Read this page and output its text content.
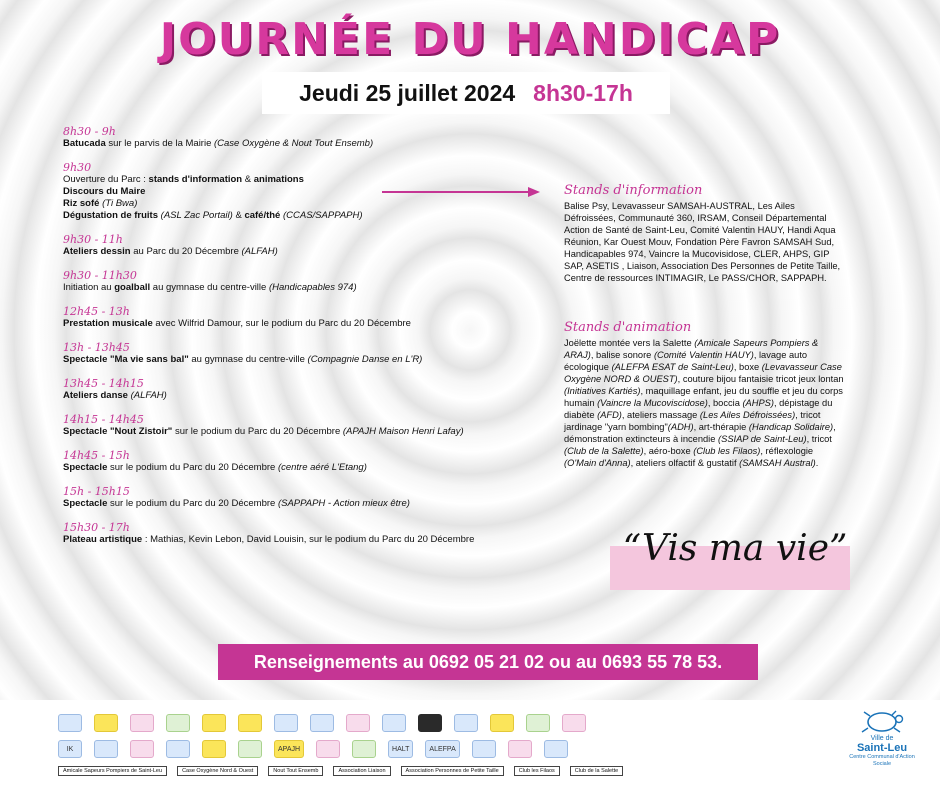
JOURNÉE DU HANDICAP
Jeudi 25 juillet 2024 8h30-17h
8h30 - 9h
Batucada sur le parvis de la Mairie (Case Oxygène & Nout Tout Ensemb)
9h30
Ouverture du Parc : stands d'information & animations
Discours du Maire
Riz sofé (Ti Bwa)
Dégustation de fruits (ASL Zac Portail) & café/thé (CCAS/SAPPAPH)
9h30 - 11h
Ateliers dessin au Parc du 20 Décembre (ALFAH)
9h30 - 11h30
Initiation au goalball au gymnase du centre-ville (Handicapables 974)
12h45 - 13h
Prestation musicale avec Wilfrid Damour, sur le podium du Parc du 20 Décembre
13h - 13h45
Spectacle "Ma vie sans bal" au gymnase du centre-ville (Compagnie Danse en L'R)
13h45 - 14h15
Ateliers danse (ALFAH)
14h15 - 14h45
Spectacle "Nout Zistoir" sur le podium du Parc du 20 Décembre (APAJH Maison Henri Lafay)
14h45 - 15h
Spectacle sur le podium du Parc du 20 Décembre (centre aéré L'Etang)
15h - 15h15
Spectacle sur le podium du Parc du 20 Décembre (SAPPAPH - Action mieux être)
15h30 - 17h
Plateau artistique : Mathias, Kevin Lebon, David Louisin, sur le podium du Parc du 20 Décembre
Stands d'information
Balise Psy, Levavasseur SAMSAH-AUSTRAL, Les Ailes Défroissées, Communauté 360, IRSAM, Conseil Départemental Action de Santé de Saint-Leu, Comité Valentin HAUY, Handi Aqua Réunion, Kar Ouest Mouv, Fondation Père Favron SAMSAH Sud, Handicapables 974, Vaincre la Mucovisidose, CLER, AHPS, GIP SAP, ASETIS , Liaison, Association Des Personnes de Petite Taille, Centre de ressources INTIMAGIR, Le PASS/CHOR, SAPPAPH.
Stands d'animation
Joëlette montée vers la Salette (Amicale Sapeurs Pompiers & ARAJ), balise sonore (Comité Valentin HAUY), lavage auto écologique (ALEFPA ESAT de Saint-Leu), boxe (Levavasseur Case Oxygène NORD & OUEST), couture bijou fantaisie tricot jeux lontan (Initiatives Kartiés), maquillage enfant, jeu du souffle et jeu du corps humain (Vaincre la Mucoviscidose), boccia (AHPS), dépistage du diabète (AFD), ateliers massage (Les Ailes Défroissées), tricot jardinage "yarn bombing"(ADH), art-thérapie (Handicap Solidaire), démonstration extincteurs à incendie (SSIAP de Saint-Leu), tricot (Club de la Salette), aéro-boxe (Club les Filaos), réflexologie (O'Main d'Anna), ateliers olfactif & gustatif (SAMSAH Austral).
“Vis ma vie”
Renseignements au 0692 05 21 02 ou au 0693 55 78 53.
IK	APAJH	HALT	ALEFPA
Amicale Sapeurs Pompiers de Saint-Leu	Case Oxygène Nord & Ouest	Nout Tout Ensemb	Association Liaison	Association Personnes de Petite Taille	Club les Filaos	Club de la Salette
Ville de
Saint-Leu
Centre Communal d'Action Sociale
